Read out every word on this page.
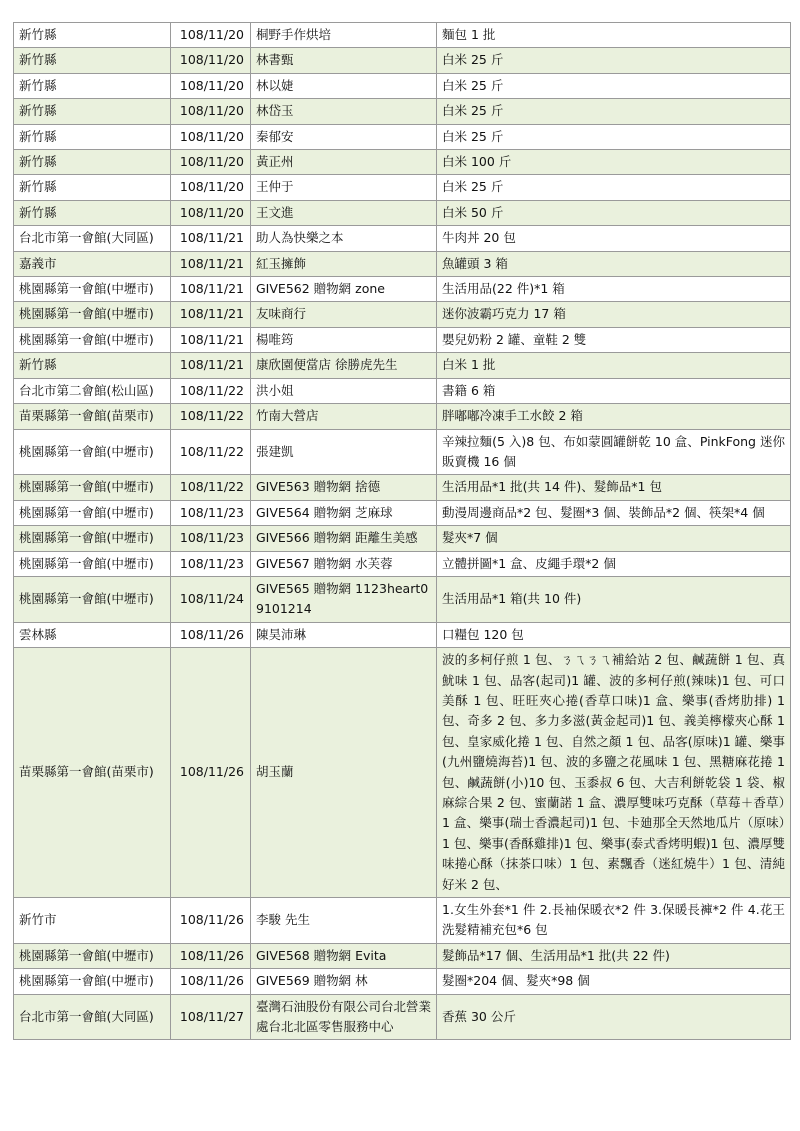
新竹縣	108/11/20	桐野手作烘培	麵包 1 批
新竹縣	108/11/20	林書甄	白米 25 斤
新竹縣	108/11/20	林以婕	白米 25 斤
新竹縣	108/11/20	林岱玉	白米 25 斤
新竹縣	108/11/20	秦郁安	白米 25 斤
新竹縣	108/11/20	黃正州	白米 100 斤
新竹縣	108/11/20	王仲于	白米 25 斤
新竹縣	108/11/20	王文進	白米 50 斤
台北市第一會館(大同區)	108/11/21	助人為快樂之本	牛肉丼 20 包
嘉義市	108/11/21	紅玉擁飾	魚罐頭 3 箱
桃園縣第一會館(中壢市)	108/11/21	GIVE562 贈物網 zone	生活用品(22 件)*1 箱
桃園縣第一會館(中壢市)	108/11/21	友味商行	迷你波霸巧克力 17 箱
桃園縣第一會館(中壢市)	108/11/21	楊唯筠	嬰兒奶粉 2 罐、童鞋 2 雙
新竹縣	108/11/21	康欣園便當店 徐勝虎先生	白米 1 批
台北市第二會館(松山區)	108/11/22	洪小姐	書籍 6 箱
苗栗縣第一會館(苗栗市)	108/11/22	竹南大營店	胖嘟嘟冷凍手工水餃 2 箱
桃園縣第一會館(中壢市)	108/11/22	張建凱	辛辣拉麵(5 入)8 包、布如蒙圓罐餅乾 10 盒、PinkFong 迷你販賣機 16 個
桃園縣第一會館(中壢市)	108/11/22	GIVE563 贈物網 捨德	生活用品*1 批(共 14 件)、髮飾品*1 包
桃園縣第一會館(中壢市)	108/11/23	GIVE564 贈物網 芝麻球	動漫周邊商品*2 包、髮圈*3 個、裝飾品*2 個、筷架*4 個
桃園縣第一會館(中壢市)	108/11/23	GIVE566 贈物網 距離生美感	髮夾*7 個
桃園縣第一會館(中壢市)	108/11/23	GIVE567 贈物網 水芙蓉	立體拼圖*1 盒、皮繩手環*2 個
桃園縣第一會館(中壢市)	108/11/24	GIVE565 贈物網 1123heart09101214	生活用品*1 箱(共 10 件)
雲林縣	108/11/26	陳昊沛琳	口糧包 120 包
苗栗縣第一會館(苗栗市)	108/11/26	胡玉蘭	波的多柯仔煎 1 包、ㄋㄟㄋㄟ補給站 2 包、鹹蔬餅 1 包、真魷味 1 包、品客(起司)1 罐、波的多柯仔煎(辣味)1 包、可口美酥 1 包、旺旺夾心捲(香草口味)1 盒、樂事(香烤肋排) 1 包、奇多 2 包、多力多滋(黃金起司)1 包、義美檸檬夾心酥 1 包、皇家威化捲 1 包、自然之顏 1 包、品客(原味)1 罐、樂事(九州鹽燒海苔)1 包、波的多鹽之花風味 1 包、黑糖麻花捲 1 包、鹹蔬餅(小)10 包、玉黍叔 6 包、大吉利餅乾袋 1 袋、椒麻綜合果 2 包、蜜蘭諾 1 盒、濃厚雙味巧克酥（草莓＋香草）1 盒、樂事(瑞士香濃起司)1 包、卡廸那全天然地瓜片（原味）1 包、樂事(香酥雞排)1 包、樂事(泰式香烤明蝦)1 包、濃厚雙味捲心酥（抹茶口味）1 包、素飄香（迷紅燒牛）1 包、清純好米 2 包、
新竹市	108/11/26	李駿 先生	1.女生外套*1 件 2.長袖保暖衣*2 件 3.保暖長褲*2 件 4.花王洗髮精補充包*6 包
桃園縣第一會館(中壢市)	108/11/26	GIVE568 贈物網 Evita	髮飾品*17 個、生活用品*1 批(共 22 件)
桃園縣第一會館(中壢市)	108/11/26	GIVE569 贈物網 林	髮圈*204 個、髮夾*98 個
台北市第一會館(大同區)	108/11/27	臺灣石油股份有限公司台北營業處台北北區零售服務中心	香蕉 30 公斤
